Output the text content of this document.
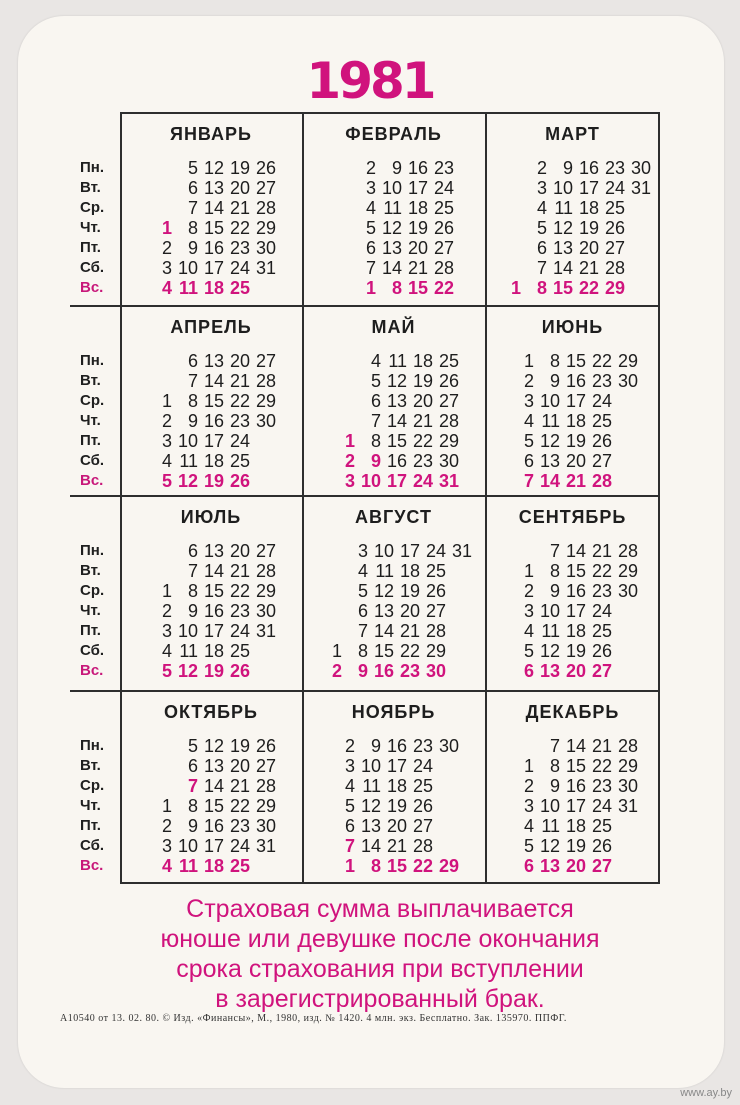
1981
ЯНВАРЬ
5 12 19 26
6 13 20 27
7 14 21 28
1 8 15 22 29
2 9 16 23 30
3 10 17 24 31
4 11 18 25
ФЕВРАЛЬ
2 9 16 23
3 10 17 24
4 11 18 25
5 12 19 26
6 13 20 27
7 14 21 28
1 8 15 22
МАРТ
2 9 16 23 30
3 10 17 24 31
4 11 18 25
5 12 19 26
6 13 20 27
7 14 21 28
1 8 15 22 29
АПРЕЛЬ
6 13 20 27
7 14 21 28
1 8 15 22 29
2 9 16 23 30
3 10 17 24
4 11 18 25
5 12 19 26
МАЙ
4 11 18 25
5 12 19 26
6 13 20 27
7 14 21 28
1 8 15 22 29
2 9 16 23 30
3 10 17 24 31
ИЮНЬ
1 8 15 22 29
2 9 16 23 30
3 10 17 24
4 11 18 25
5 12 19 26
6 13 20 27
7 14 21 28
ИЮЛЬ
6 13 20 27
7 14 21 28
1 8 15 22 29
2 9 16 23 30
3 10 17 24 31
4 11 18 25
5 12 19 26
АВГУСТ
3 10 17 24 31
4 11 18 25
5 12 19 26
6 13 20 27
7 14 21 28
1 8 15 22 29
2 9 16 23 30
СЕНТЯБРЬ
7 14 21 28
1 8 15 22 29
2 9 16 23 30
3 10 17 24
4 11 18 25
5 12 19 26
6 13 20 27
ОКТЯБРЬ
5 12 19 26
6 13 20 27
7 14 21 28
1 8 15 22 29
2 9 16 23 30
3 10 17 24 31
4 11 18 25
НОЯБРЬ
2 9 16 23 30
3 10 17 24
4 11 18 25
5 12 19 26
6 13 20 27
7 14 21 28
1 8 15 22 29
ДЕКАБРЬ
7 14 21 28
1 8 15 22 29
2 9 16 23 30
3 10 17 24 31
4 11 18 25
5 12 19 26
6 13 20 27
Пн.
Вт.
Ср.
Чт.
Пт.
Сб.
Вс.
Пн.
Вт.
Ср.
Чт.
Пт.
Сб.
Вс.
Пн.
Вт.
Ср.
Чт.
Пт.
Сб.
Вс.
Пн.
Вт.
Ср.
Чт.
Пт.
Сб.
Вс.
Страховая сумма выплачивается
юноше или девушке после окончания
срока страхования при вступлении
в зарегистрированный брак.
А10540 от 13. 02. 80. © Изд. «Финансы», М., 1980, изд. № 1420. 4 млн. экз. Бесплатно. Зак. 135970. ППФГ.
www.ay.by
